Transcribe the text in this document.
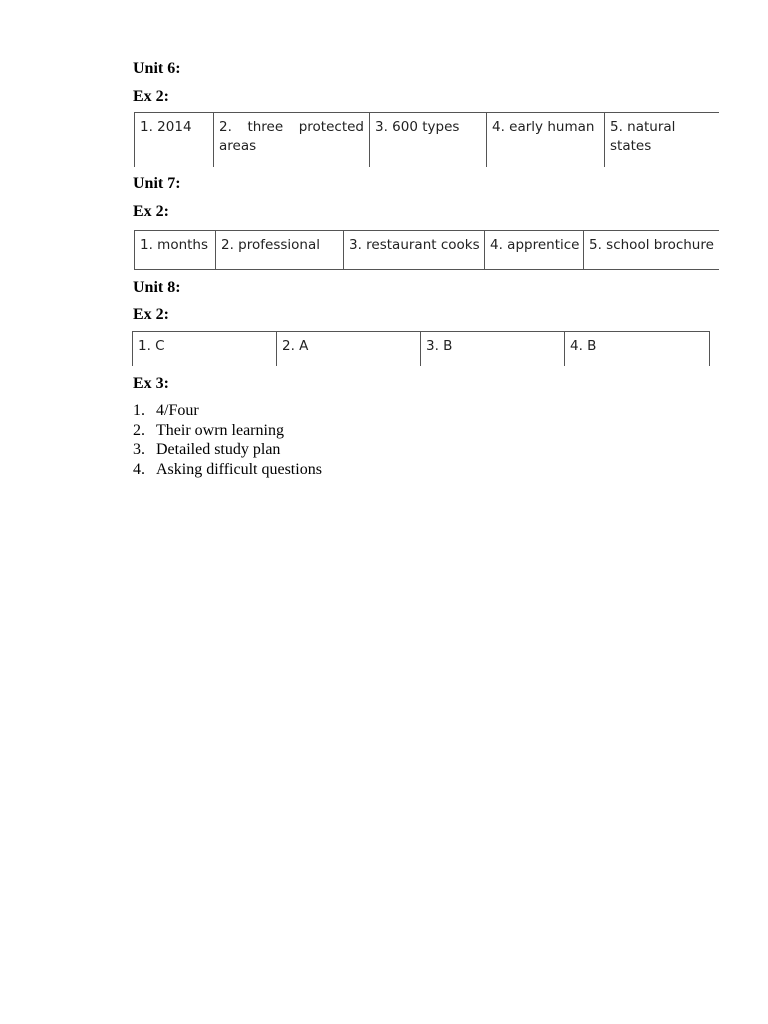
Unit 6:

Ex 2:

1. 2014	2. three protected areas	3. 600 types	4. early human	5. natural states

Unit 7:

Ex 2:

1. months	2. professional	3. restaurant cooks	4. apprentice	5. school brochure

Unit 8:

Ex 2:

1. C	2. A	3. B	4. B

Ex 3:

1. 4/Four
2. Their owrn learning
3. Detailed study plan
4. Asking difficult questions
